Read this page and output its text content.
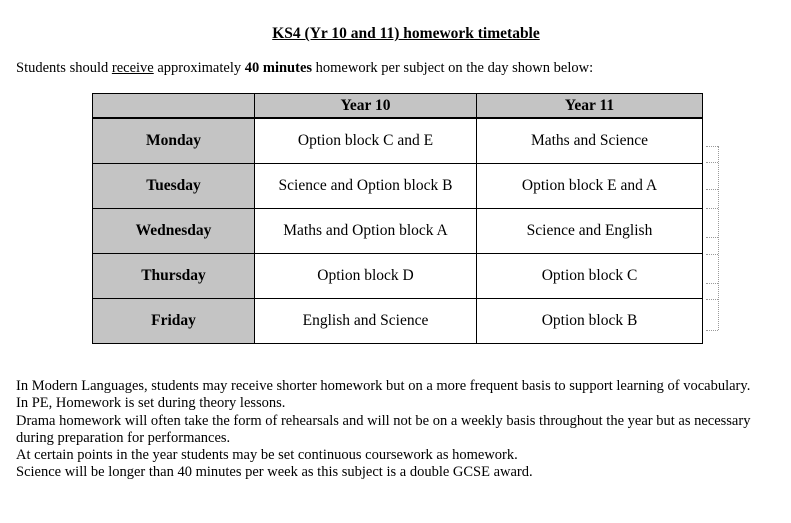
KS4 (Yr 10 and 11) homework timetable
Students should receive approximately 40 minutes homework per subject on the day shown below:
	Year 10	Year 11
Monday	Option block C and E	Maths and Science
Tuesday	Science and Option block B	Option block E and A
Wednesday	Maths and Option block A	Science and English
Thursday	Option block D	Option block C
Friday	English and Science	Option block B
In Modern Languages, students may receive shorter homework but on a more frequent basis to support learning of vocabulary.
In PE, Homework is set during theory lessons.
Drama homework will often take the form of rehearsals and will not be on a weekly basis throughout the year but as necessary
during preparation for performances.
At certain points in the year students may be set continuous coursework as homework.
Science will be longer than 40 minutes per week as this subject is a double GCSE award.
